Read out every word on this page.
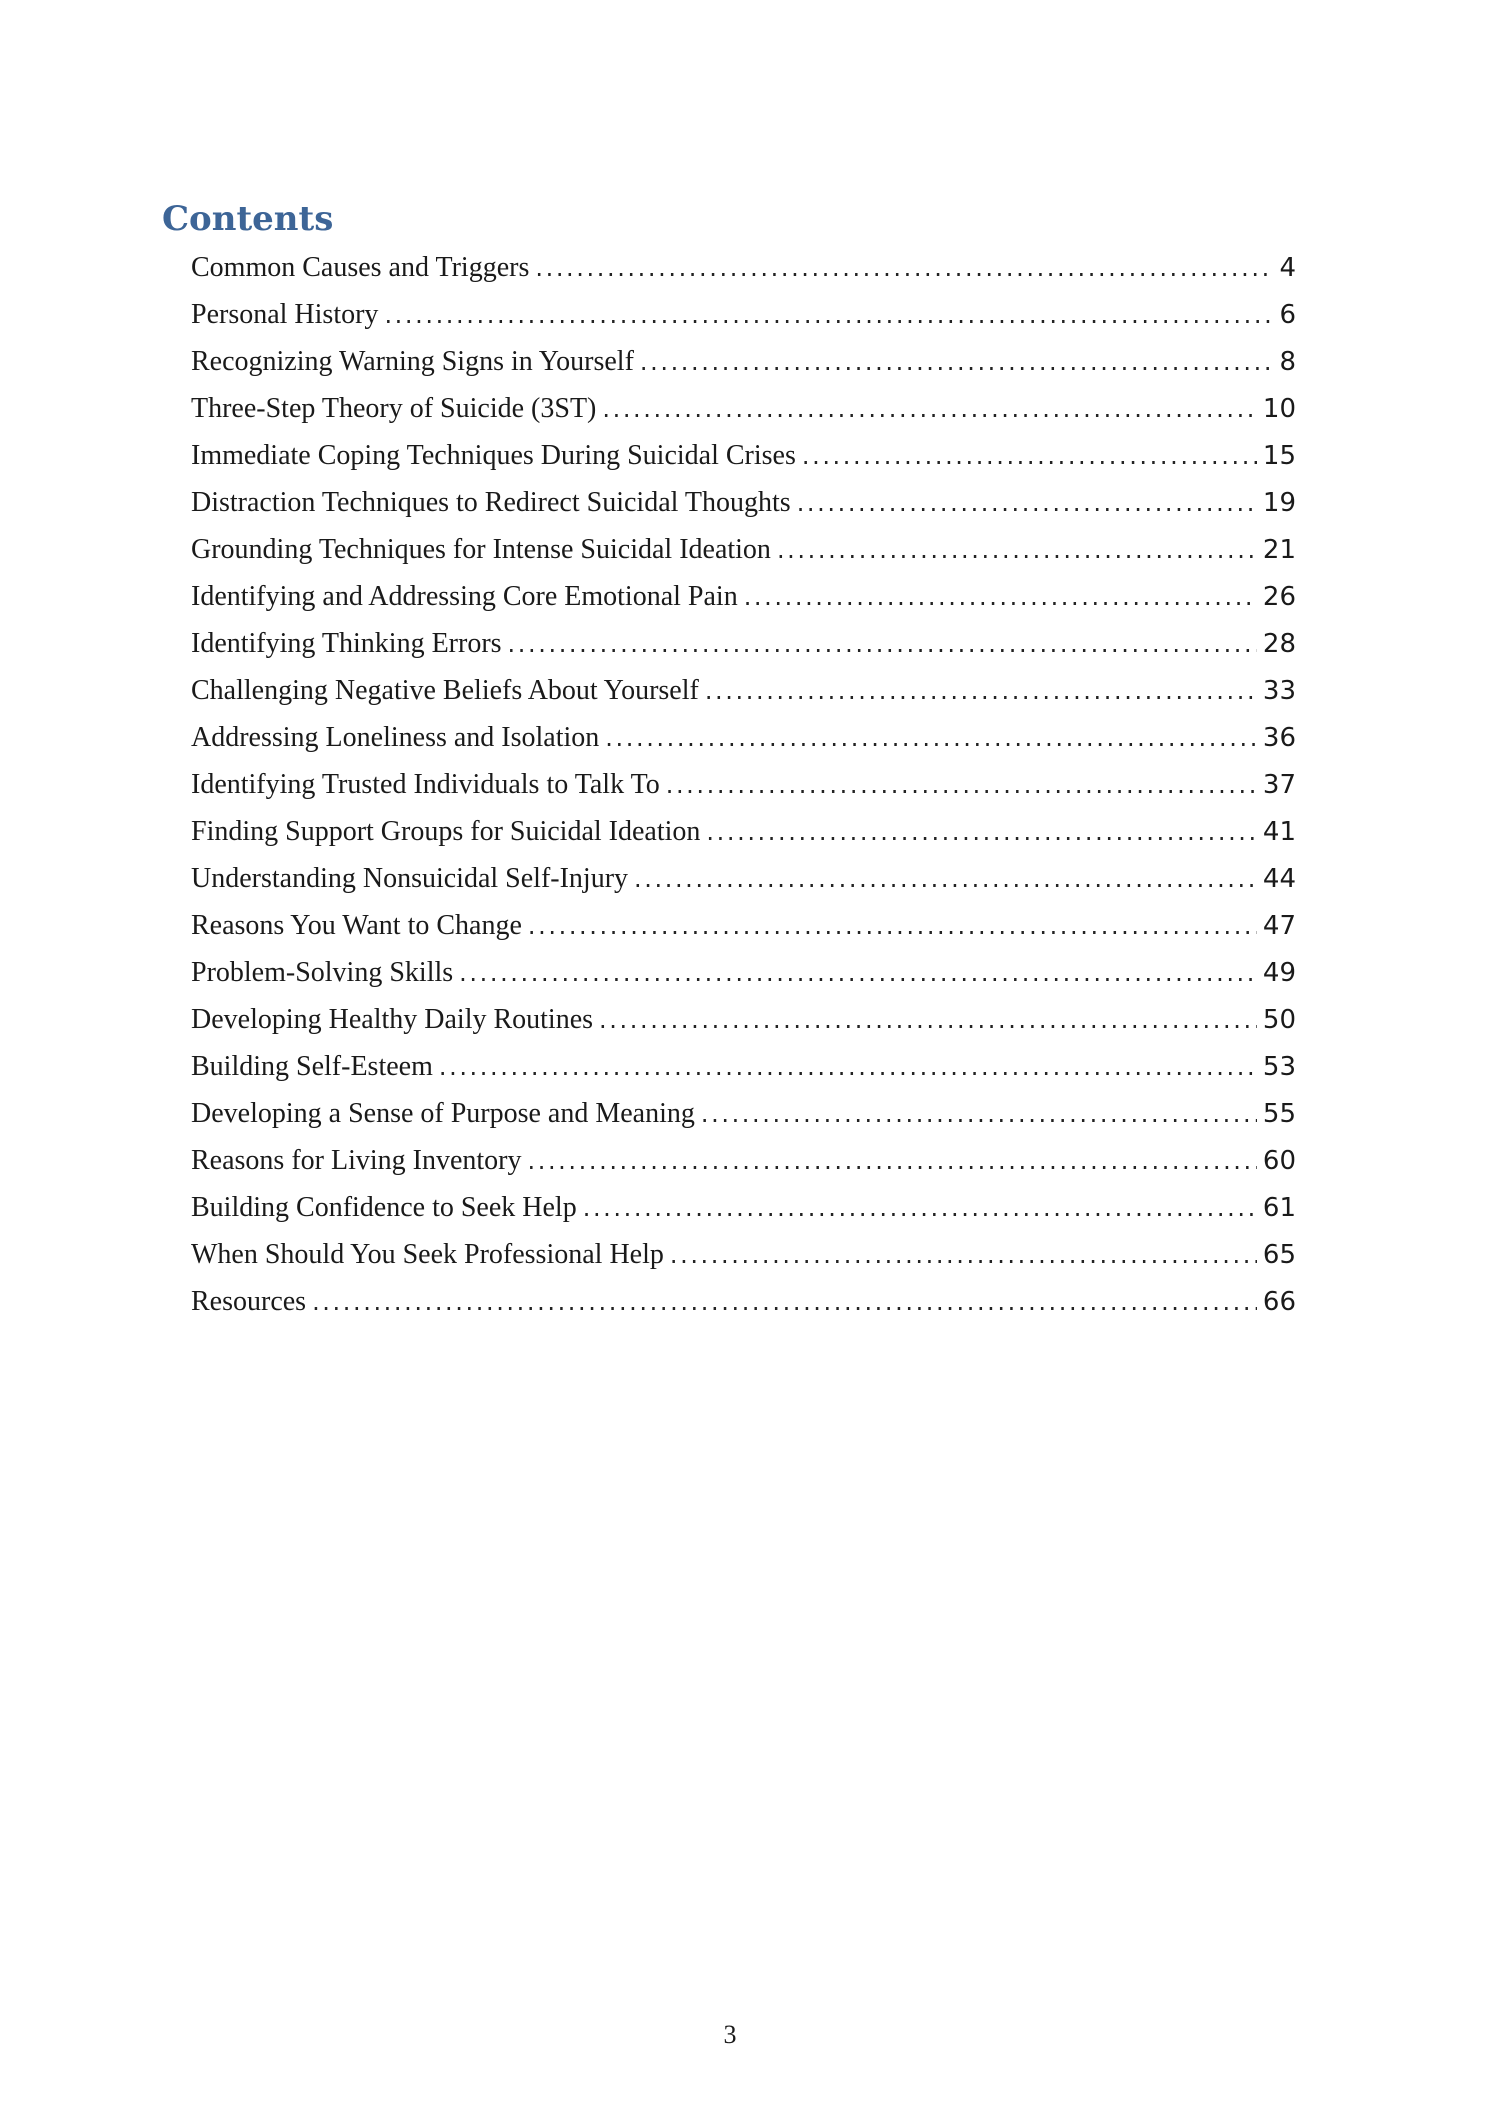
Contents
Common Causes and Triggers .....	4
Personal History .....	6
Recognizing Warning Signs in Yourself .....	8
Three-Step Theory of Suicide (3ST) .....	10
Immediate Coping Techniques During Suicidal Crises .....	15
Distraction Techniques to Redirect Suicidal Thoughts .....	19
Grounding Techniques for Intense Suicidal Ideation .....	21
Identifying and Addressing Core Emotional Pain .....	26
Identifying Thinking Errors .....	28
Challenging Negative Beliefs About Yourself .....	33
Addressing Loneliness and Isolation .....	36
Identifying Trusted Individuals to Talk To .....	37
Finding Support Groups for Suicidal Ideation .....	41
Understanding Nonsuicidal Self-Injury .....	44
Reasons You Want to Change .....	47
Problem-Solving Skills .....	49
Developing Healthy Daily Routines .....	50
Building Self-Esteem .....	53
Developing a Sense of Purpose and Meaning .....	55
Reasons for Living Inventory .....	60
Building Confidence to Seek Help .....	61
When Should You Seek Professional Help .....	65
Resources .....	66
3
